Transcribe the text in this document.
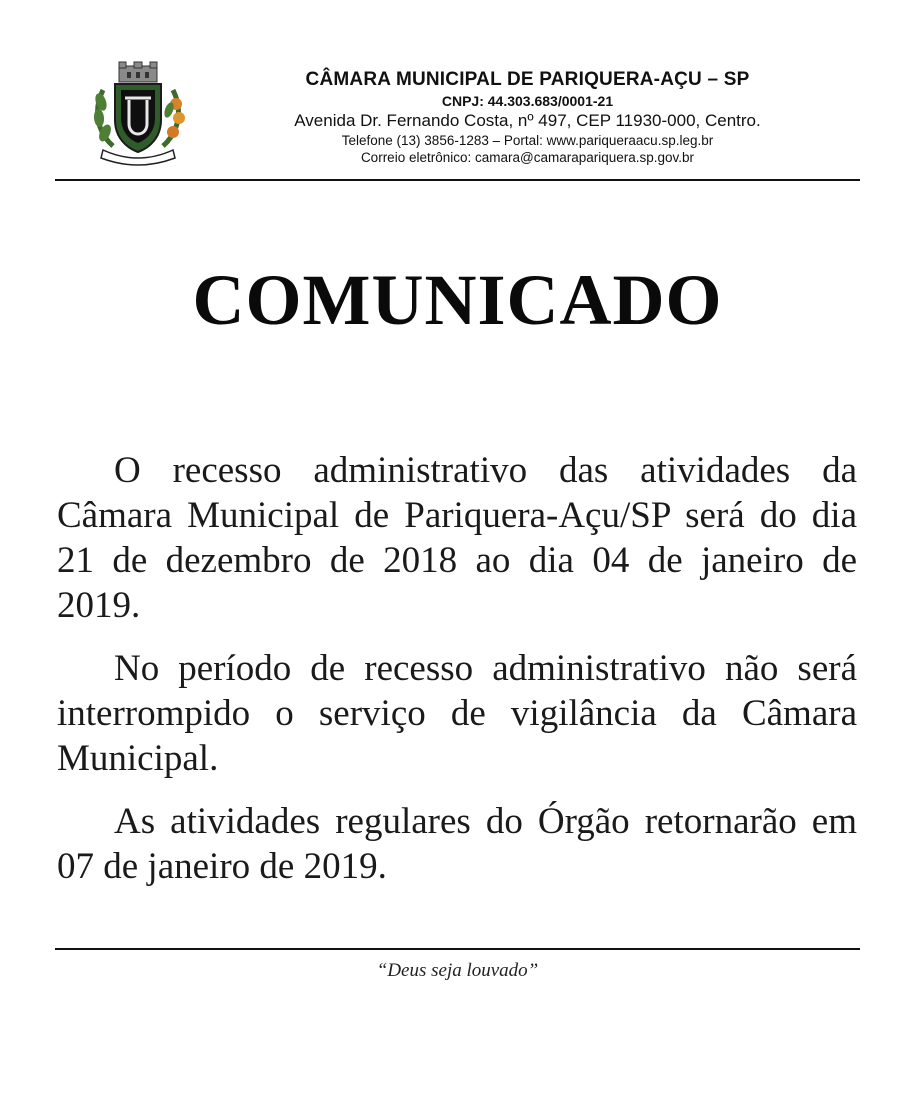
CÂMARA MUNICIPAL DE PARIQUERA-AÇU – SP
CNPJ: 44.303.683/0001-21
Avenida Dr. Fernando Costa, nº 497, CEP 11930-000, Centro.
Telefone (13) 3856-1283 – Portal: www.pariqueraacu.sp.leg.br
Correio eletrônico: camara@camarapariquera.sp.gov.br
COMUNICADO

O recesso administrativo das atividades da Câmara Municipal de Pariquera-Açu/SP será do dia 21 de dezembro de 2018 ao dia 04 de janeiro de 2019.

No período de recesso administrativo não será interrompido o serviço de vigilância da Câmara Municipal.

As atividades regulares do Órgão retornarão em 07 de janeiro de 2019.

“Deus seja louvado”
